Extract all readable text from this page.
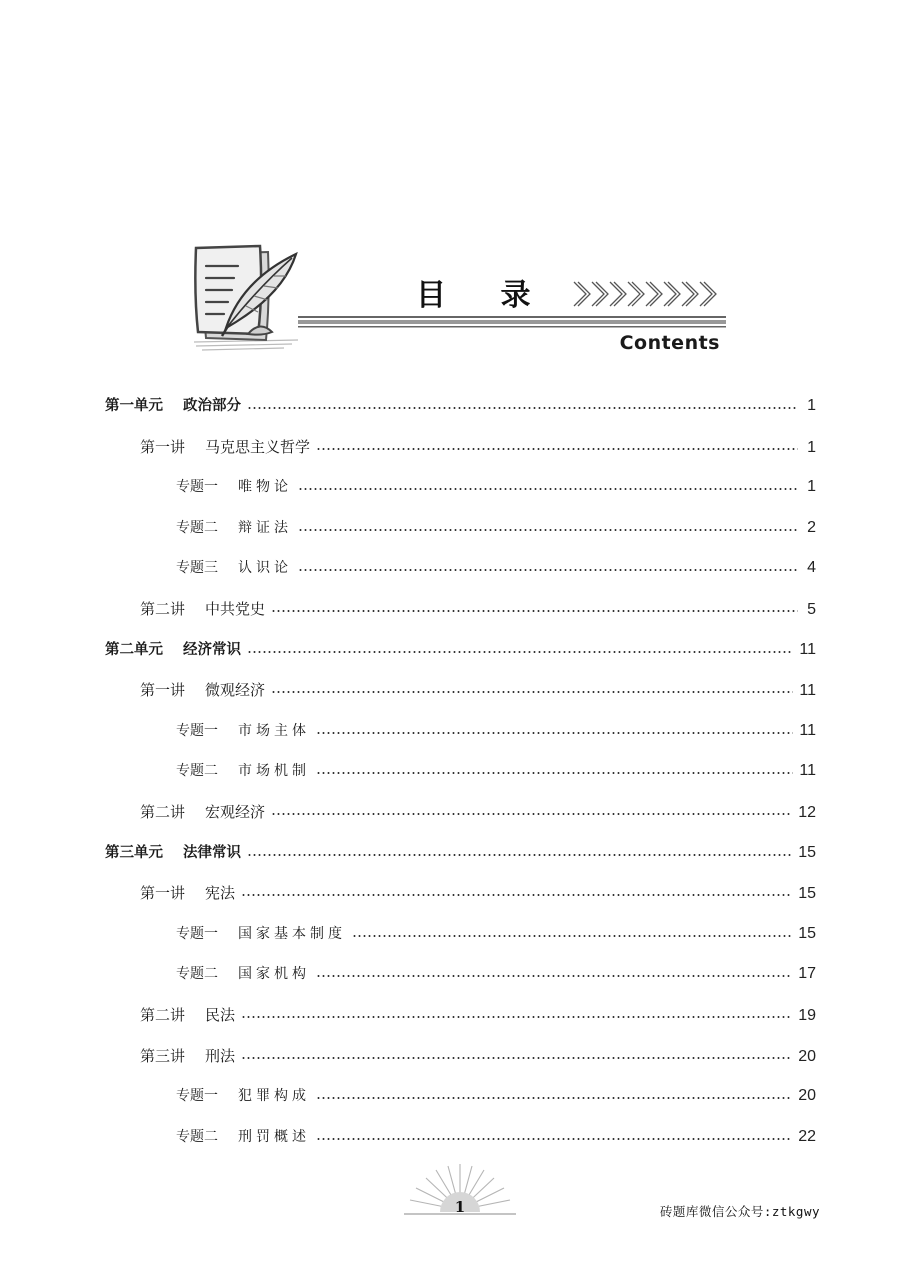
目 录
Contents
第一单元 政治部分	1
第一讲 马克思主义哲学	1
专题一 唯物论	1
专题二 辩证法	2
专题三 认识论	4
第二讲 中共党史	5
第二单元 经济常识	11
第一讲 微观经济	11
专题一 市场主体	11
专题二 市场机制	11
第二讲 宏观经济	12
第三单元 法律常识	15
第一讲 宪法	15
专题一 国家基本制度	15
专题二 国家机构	17
第二讲 民法	19
第三讲 刑法	20
专题一 犯罪构成	20
专题二 刑罚概述	22
1	砖题库微信公众号:ztkgwy
